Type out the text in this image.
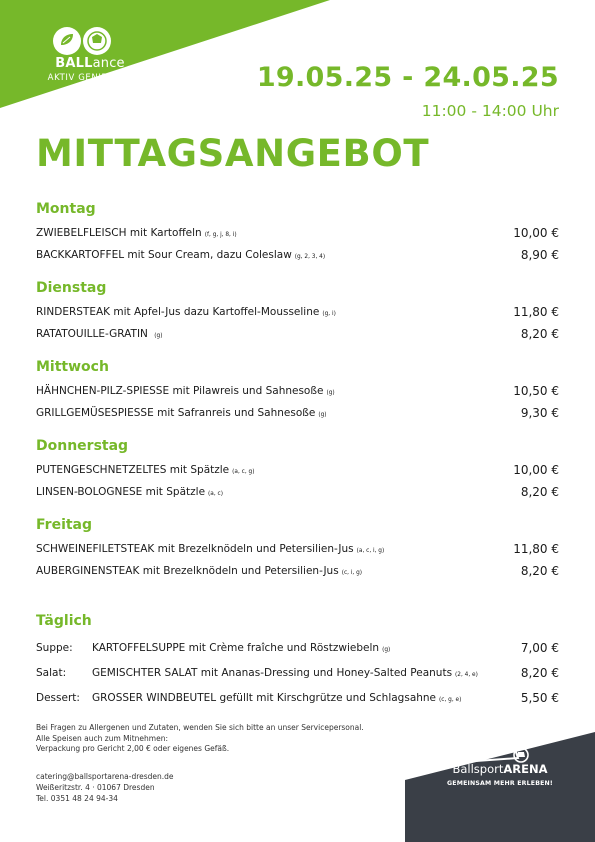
BALLance
AKTIV GENIESSEN	19.05.25 - 24.05.25
11:00 - 14:00 Uhr
MITTAGSANGEBOT
Montag
ZWIEBELFLEISCH mit Kartoffeln (f, g, j, 8, i)	10,00 €
BACKKARTOFFEL mit Sour Cream, dazu Coleslaw (g, 2, 3, 4)	8,90 €
Dienstag
RINDERSTEAK mit Apfel-Jus dazu Kartoffel-Mousseline (g, i)	11,80 €
RATATOUILLE-GRATIN (g)	8,20 €
Mittwoch
HÄHNCHEN-PILZ-SPIESSE mit Pilawreis und Sahnesoße (g)	10,50 €
GRILLGEMÜSESPIESSE mit Safranreis und Sahnesoße (g)	9,30 €
Donnerstag
PUTENGESCHNETZELTES mit Spätzle (a, c, g)	10,00 €
LINSEN-BOLOGNESE mit Spätzle (a, c)	8,20 €
Freitag
SCHWEINEFILETSTEAK mit Brezelknödeln und Petersilien-Jus (a, c, i, g)	11,80 €
AUBERGINENSTEAK mit Brezelknödeln und Petersilien-Jus (c, i, g)	8,20 €
Täglich
Suppe: KARTOFFELSUPPE mit Crème fraîche und Röstzwiebeln (g)	7,00 €
Salat: GEMISCHTER SALAT mit Ananas-Dressing und Honey-Salted Peanuts (2, 4, e)	8,20 €
Dessert: GROSSER WINDBEUTEL gefüllt mit Kirschgrütze und Schlagsahne (c, g, e)	5,50 €
Bei Fragen zu Allergenen und Zutaten, wenden Sie sich bitte an unser Servicepersonal.
Alle Speisen auch zum Mitnehmen:
Verpackung pro Gericht 2,00 € oder eigenes Gefäß.
catering@ballsportarena-dresden.de
Weißeritzstr. 4 · 01067 Dresden
Tel. 0351 48 24 94-34
BallsportARENA
GEMEINSAM MEHR ERLEBEN!
